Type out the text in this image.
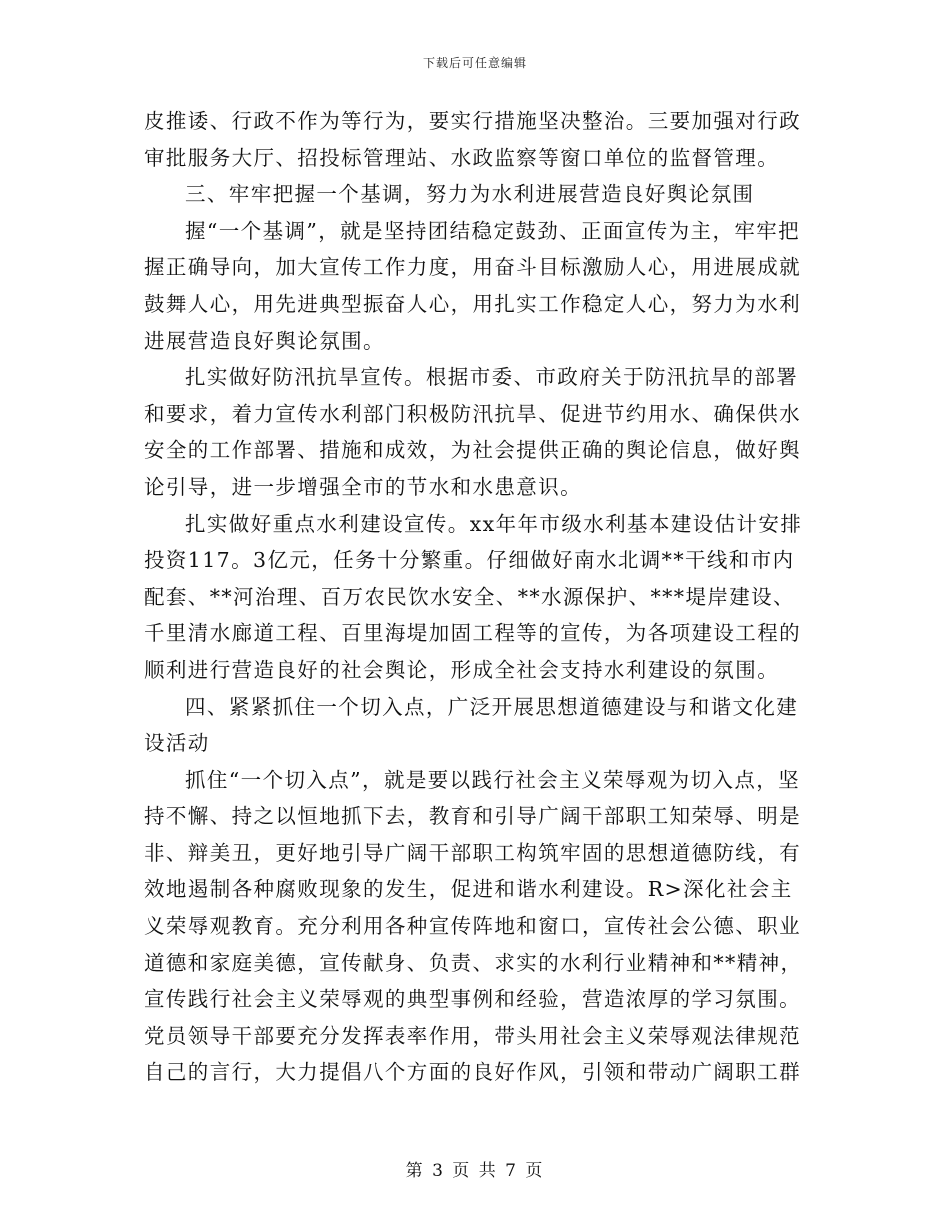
下载后可任意编辑

皮推诿、行政不作为等行为，要实行措施坚决整治。三要加强对行政审批服务大厅、招投标管理站、水政监察等窗口单位的监督管理。

三、牢牢把握一个基调，努力为水利进展营造良好舆论氛围

握“一个基调”，就是坚持团结稳定鼓劲、正面宣传为主，牢牢把握正确导向，加大宣传工作力度，用奋斗目标激励人心，用进展成就鼓舞人心，用先进典型振奋人心，用扎实工作稳定人心，努力为水利进展营造良好舆论氛围。

扎实做好防汛抗旱宣传。根据市委、市政府关于防汛抗旱的部署和要求，着力宣传水利部门积极防汛抗旱、促进节约用水、确保供水安全的工作部署、措施和成效，为社会提供正确的舆论信息，做好舆论引导，进一步增强全市的节水和水患意识。

扎实做好重点水利建设宣传。xx年年市级水利基本建设估计安排投资117。3亿元，任务十分繁重。仔细做好南水北调**干线和市内配套、**河治理、百万农民饮水安全、**水源保护、***堤岸建设、千里清水廊道工程、百里海堤加固工程等的宣传，为各项建设工程的顺利进行营造良好的社会舆论，形成全社会支持水利建设的氛围。

四、紧紧抓住一个切入点，广泛开展思想道德建设与和谐文化建设活动

抓住“一个切入点”，就是要以践行社会主义荣辱观为切入点，坚持不懈、持之以恒地抓下去，教育和引导广阔干部职工知荣辱、明是非、辩美丑，更好地引导广阔干部职工构筑牢固的思想道德防线，有效地遏制各种腐败现象的发生，促进和谐水利建设。R>深化社会主义荣辱观教育。充分利用各种宣传阵地和窗口，宣传社会公德、职业道德和家庭美德，宣传献身、负责、求实的水利行业精神和**精神，宣传践行社会主义荣辱观的典型事例和经验，营造浓厚的学习氛围。党员领导干部要充分发挥表率作用，带头用社会主义荣辱观法律规范自己的言行，大力提倡八个方面的良好作风，引领和带动广阔职工群

第 3 页 共 7 页
